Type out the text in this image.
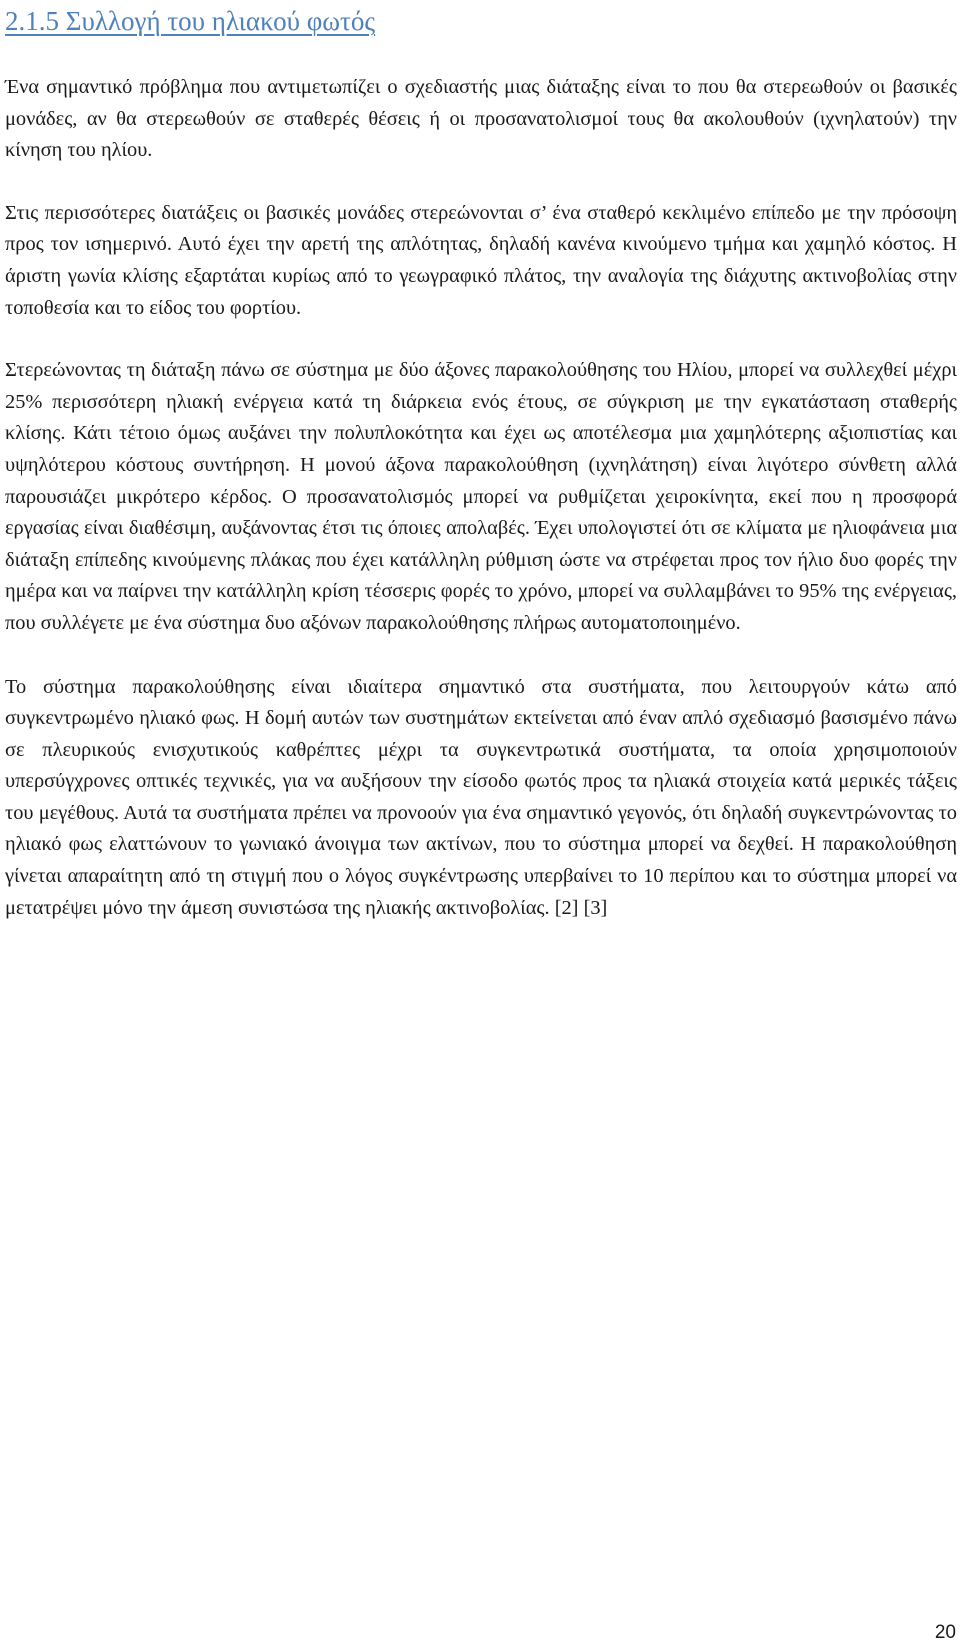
2.1.5 Συλλογή του ηλιακού φωτός

Ένα σημαντικό πρόβλημα που αντιμετωπίζει ο σχεδιαστής μιας διάταξης είναι το που θα στερεωθούν οι βασικές μονάδες, αν θα στερεωθούν σε σταθερές θέσεις ή οι προσανατολισμοί τους θα ακολουθούν (ιχνηλατούν) την κίνηση του ηλίου.

Στις περισσότερες διατάξεις οι βασικές μονάδες στερεώνονται σ’ ένα σταθερό κεκλιμένο επίπεδο με την πρόσοψη προς τον ισημερινό. Αυτό έχει την αρετή της απλότητας, δηλαδή κανένα κινούμενο τμήμα και χαμηλό κόστος. Η άριστη γωνία κλίσης εξαρτάται κυρίως από το γεωγραφικό πλάτος, την αναλογία της διάχυτης ακτινοβολίας στην τοποθεσία και το είδος του φορτίου.

Στερεώνοντας τη διάταξη πάνω σε σύστημα με δύο άξονες παρακολούθησης του Ηλίου, μπορεί να συλλεχθεί μέχρι 25% περισσότερη ηλιακή ενέργεια κατά τη διάρκεια ενός έτους, σε σύγκριση με την εγκατάσταση σταθερής κλίσης. Κάτι τέτοιο όμως αυξάνει την πολυπλοκότητα και έχει ως αποτέλεσμα μια χαμηλότερης αξιοπιστίας και υψηλότερου κόστους συντήρηση. Η μονού άξονα παρακολούθηση (ιχνηλάτηση) είναι λιγότερο σύνθετη αλλά παρουσιάζει μικρότερο κέρδος. Ο προσανατολισμός μπορεί να ρυθμίζεται χειροκίνητα, εκεί που η προσφορά εργασίας είναι διαθέσιμη, αυξάνοντας έτσι τις όποιες απολαβές. Έχει υπολογιστεί ότι σε κλίματα με ηλιοφάνεια μια διάταξη επίπεδης κινούμενης πλάκας που έχει κατάλληλη ρύθμιση ώστε να στρέφεται προς τον ήλιο δυο φορές την ημέρα και να παίρνει την κατάλληλη κρίση τέσσερις φορές το χρόνο, μπορεί να συλλαμβάνει το 95% της ενέργειας, που συλλέγετε με ένα σύστημα δυο αξόνων παρακολούθησης πλήρως αυτοματοποιημένο.

Το σύστημα παρακολούθησης είναι ιδιαίτερα σημαντικό στα συστήματα, που λειτουργούν κάτω από συγκεντρωμένο ηλιακό φως. Η δομή αυτών των συστημάτων εκτείνεται από έναν απλό σχεδιασμό βασισμένο πάνω σε πλευρικούς ενισχυτικούς καθρέπτες μέχρι τα συγκεντρωτικά συστήματα, τα οποία χρησιμοποιούν υπερσύγχρονες οπτικές τεχνικές, για να αυξήσουν την είσοδο φωτός προς τα ηλιακά στοιχεία κατά μερικές τάξεις του μεγέθους. Αυτά τα συστήματα πρέπει να προνοούν για ένα σημαντικό γεγονός, ότι δηλαδή συγκεντρώνοντας το ηλιακό φως ελαττώνουν το γωνιακό άνοιγμα των ακτίνων, που το σύστημα μπορεί να δεχθεί. Η παρακολούθηση γίνεται απαραίτητη από τη στιγμή που ο λόγος συγκέντρωσης υπερβαίνει το 10 περίπου και το σύστημα μπορεί να μετατρέψει μόνο την άμεση συνιστώσα της ηλιακής ακτινοβολίας. [2] [3]

20
